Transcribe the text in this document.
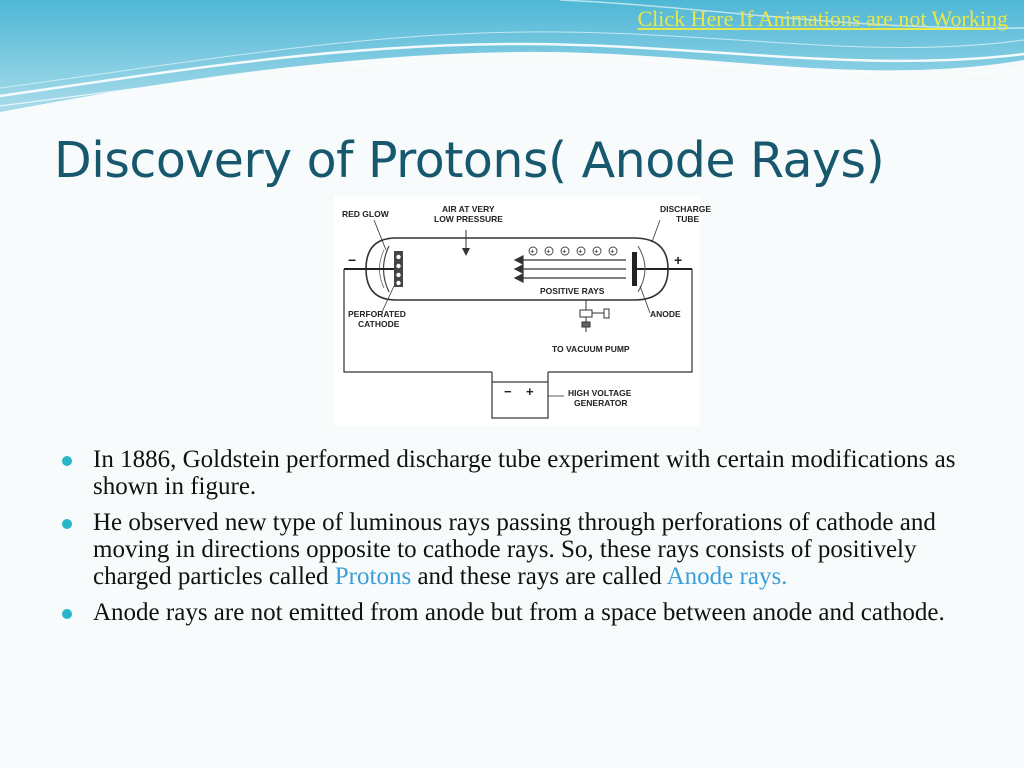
Click Here If Animations are not Working
Discovery of Protons( Anode Rays)
+ + + + + +
RED GLOW	AIR AT VERY
LOW PRESSURE
DISCHARGE
TUBE
−	+
PERFORATED
CATHODE
POSITIVE RAYS
ANODE
TO VACUUM PUMP
− +	HIGH VOLTAGE
GENERATOR
In 1886, Goldstein performed discharge tube experiment with certain modifications as shown in figure.
He observed new type of luminous rays passing through perforations of cathode and moving in directions opposite to cathode rays. So, these rays consists of positively charged particles called Protons and these rays are called Anode rays.
Anode rays are not emitted from anode but from a space between anode and cathode.
